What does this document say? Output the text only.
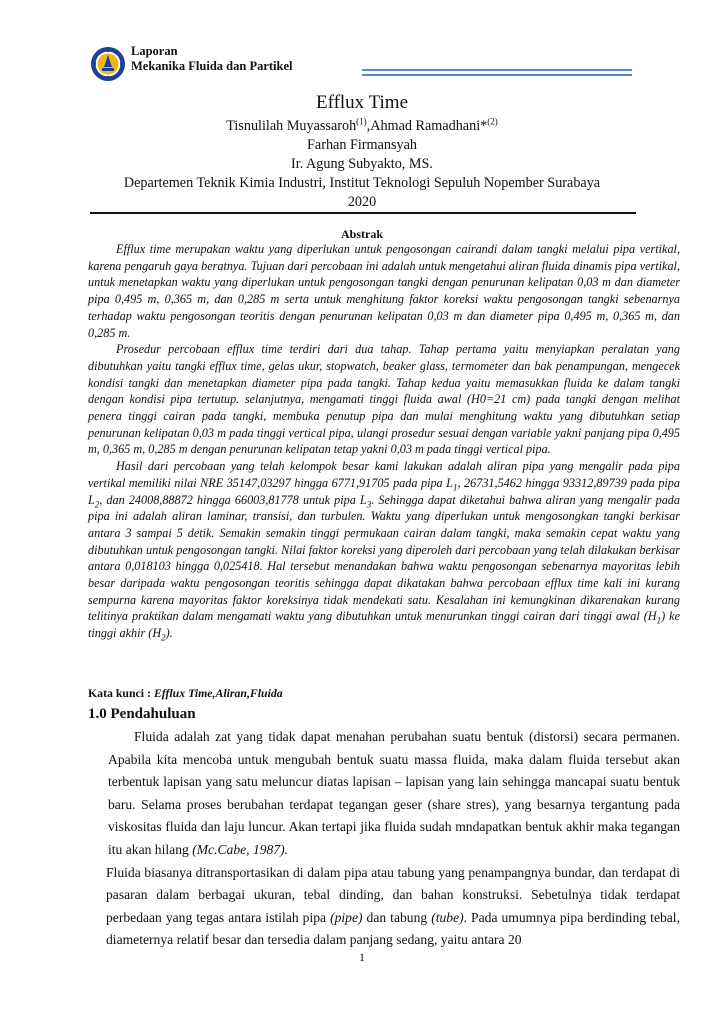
Laporan
Mekanika Fluida dan Partikel
Efflux Time
Tisnulilah Muyassaroh$^{(1)}$,Ahmad Ramadhani*$^{(2)}$
Farhan Firmansyah
Ir. Agung Subyakto, MS.
Departemen Teknik Kimia Industri, Institut Teknologi Sepuluh Nopember Surabaya
2020
Abstrak

Efflux time merupakan waktu yang diperlukan untuk pengosongan cairandi dalam tangki melalui pipa vertikal, karena pengaruh gaya beratnya. Tujuan dari percobaan ini adalah untuk mengetahui aliran fluida dinamis pipa vertikal, untuk menetapkan waktu yang diperlukan untuk pengosongan tangki dengan penurunan kelipatan 0,03 m dan diameter pipa 0,495 m, 0,365 m, dan 0,285 m serta untuk menghitung faktor koreksi waktu pengosongan tangki sebenarnya terhadap waktu pengosongan teoritis dengan penurunan kelipatan 0,03 m dan diameter pipa 0,495 m, 0,365 m, dan 0,285 m.

Prosedur percobaan efflux time terdiri dari dua tahap. Tahap pertama yaitu menyiapkan peralatan yang dibutuhkan yaitu tangki efflux time, gelas ukur, stopwatch, beaker glass, termometer dan bak penampungan, mengecek kondisi tangki dan menetapkan diameter pipa pada tangki. Tahap kedua yaitu memasukkan fluida ke dalam tangki dengan kondisi pipa tertutup. selanjutnya, mengamati tinggi fluida awal (H0=21 cm) pada tangki dengan melihat penera tinggi cairan pada tangki, membuka penutup pipa dan mulai menghitung waktu yang dibutuhkan setiap penurunan kelipatan 0,03 m pada tinggi vertical pipa, ulangi prosedur sesuai dengan variable yakni panjang pipa 0,495 m, 0,365 m, 0,285 m dengan penurunan kelipatan tetap yakni 0,03 m pada tinggi vertical pipa.

Hasil dari percobaan yang telah kelompok besar kami lakukan adalah aliran pipa yang mengalir pada pipa vertikal memiliki nilai NRE 35147,03297 hingga 6771,91705 pada pipa $L_1$, 26731,5462 hingga 93312,89739 pada pipa $L_2$, dan 24008,88872 hingga 66003,81778 untuk pipa $L_3$. Sehingga dapat diketahui bahwa aliran yang mengalir pada pipa ini adalah aliran laminar, transisi, dan turbulen. Waktu yang diperlukan untuk mengosongkan tangki berkisar antara 3 sampai 5 detik. Semakin semakin tinggi permukaan cairan dalam tangki, maka semakin cepat waktu yang dibutuhkan untuk pengosongan tangki. Nilai faktor koreksi yang diperoleh dari percobaan yang telah dilakukan berkisar antara 0,018103 hingga 0,025418. Hal tersebut menandakan bahwa waktu pengosongan sebenarnya mayoritas lebih besar daripada waktu pengosongan teoritis sehingga dapat dikatakan bahwa percobaan efflux time kali ini kurang sempurna karena mayoritas faktor koreksinya tidak mendekati satu. Kesalahan ini kemungkinan dikarenakan kurang telitinya praktikan dalam mengamati waktu yang dibutuhkan untuk menurunkan tinggi cairan dari tinggi awal $(H_1)$ ke tinggi akhir $(H_2)$.

Kata kunci : Efflux Time,Aliran,Fluida
1.0 Pendahuluan

Fluida adalah zat yang tidak dapat menahan perubahan suatu bentuk (distorsi) secara permanen. Apabila kita mencoba untuk mengubah bentuk suatu massa fluida, maka dalam fluida tersebut akan terbentuk lapisan yang satu meluncur diatas lapisan – lapisan yang lain sehingga mancapai suatu bentuk baru. Selama proses berubahan terdapat tegangan geser (share stres), yang besarnya tergantung pada viskositas fluida dan laju luncur. Akan tertapi jika fluida sudah mndapatkan bentuk akhir maka tegangan itu akan hilang (Mc.Cabe, 1987).

Fluida biasanya ditransportasikan di dalam pipa atau tabung yang penampangnya bundar, dan terdapat di pasaran dalam berbagai ukuran, tebal dinding, dan bahan konstruksi. Sebetulnya tidak terdapat perbedaan yang tegas antara istilah pipa (pipe) dan tabung (tube). Pada umumnya pipa berdinding tebal, diameternya relatif besar dan tersedia dalam panjang sedang, yaitu antara 20

1
